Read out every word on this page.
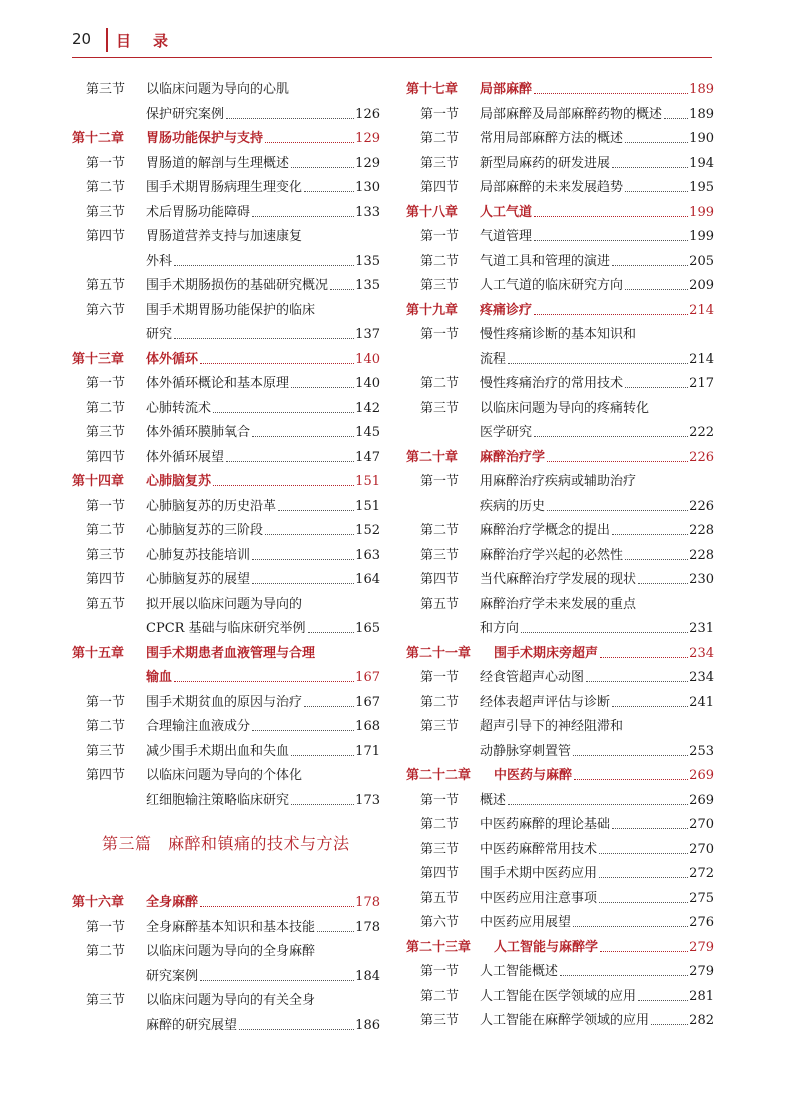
20 目录
第三节 以临床问题为导向的心肌
保护研究案例	126
第十二章 胃肠功能保护与支持	129
第一节 胃肠道的解剖与生理概述	129
第二节 围手术期胃肠病理生理变化	130
第三节 术后胃肠功能障碍	133
第四节 胃肠道营养支持与加速康复
外科	135
第五节 围手术期肠损伤的基础研究概况 135
第六节 围手术期胃肠功能保护的临床
研究	137
第十三章 体外循环	140
第一节 体外循环概论和基本原理	140
第二节 心肺转流术	142
第三节 体外循环膜肺氧合	145
第四节 体外循环展望	147
第十四章 心肺脑复苏	151
第一节 心肺脑复苏的历史沿革	151
第二节 心肺脑复苏的三阶段	152
第三节 心肺复苏技能培训	163
第四节 心肺脑复苏的展望	164
第五节 拟开展以临床问题为导向的
CPCR 基础与临床研究举例	165
第十五章 围手术期患者血液管理与合理
输血	167
第一节 围手术期贫血的原因与治疗	167
第二节 合理输注血液成分	168
第三节 减少围手术期出血和失血	171
第四节 以临床问题为导向的个体化
红细胞输注策略临床研究	173
第三篇　 麻醉和镇痛的技术与方法
第十六章 全身麻醉	178
第一节 全身麻醉基本知识和基本技能	178
第二节 以临床问题为导向的全身麻醉
研究案例	184
第三节 以临床问题为导向的有关全身
麻醉的研究展望	186
第十七章 局部麻醉	189
第一节 局部麻醉及局部麻醉药物的概述 189
第二节 常用局部麻醉方法的概述	190
第三节 新型局麻药的研发进展	194
第四节 局部麻醉的未来发展趋势	195
第十八章 人工气道	199
第一节 气道管理	199
第二节 气道工具和管理的演进	205
第三节 人工气道的临床研究方向	209
第十九章 疼痛诊疗	214
第一节 慢性疼痛诊断的基本知识和
流程	214
第二节 慢性疼痛治疗的常用技术	217
第三节 以临床问题为导向的疼痛转化
医学研究	222
第二十章 麻醉治疗学	226
第一节 用麻醉治疗疾病或辅助治疗
疾病的历史	226
第二节 麻醉治疗学概念的提出	228
第三节 麻醉治疗学兴起的必然性	228
第四节 当代麻醉治疗学发展的现状	230
第五节 麻醉治疗学未来发展的重点
和方向	231
第二十一章 围手术期床旁超声	234
第一节 经食管超声心动图	234
第二节 经体表超声评估与诊断	241
第三节 超声引导下的神经阻滞和
动静脉穿刺置管	253
第二十二章 中医药与麻醉	269
第一节 概述	269
第二节 中医药麻醉的理论基础	270
第三节 中医药麻醉常用技术	270
第四节 围手术期中医药应用	272
第五节 中医药应用注意事项	275
第六节 中医药应用展望	276
第二十三章 人工智能与麻醉学	279
第一节 人工智能概述	279
第二节 人工智能在医学领域的应用	281
第三节 人工智能在麻醉学领域的应用	282
